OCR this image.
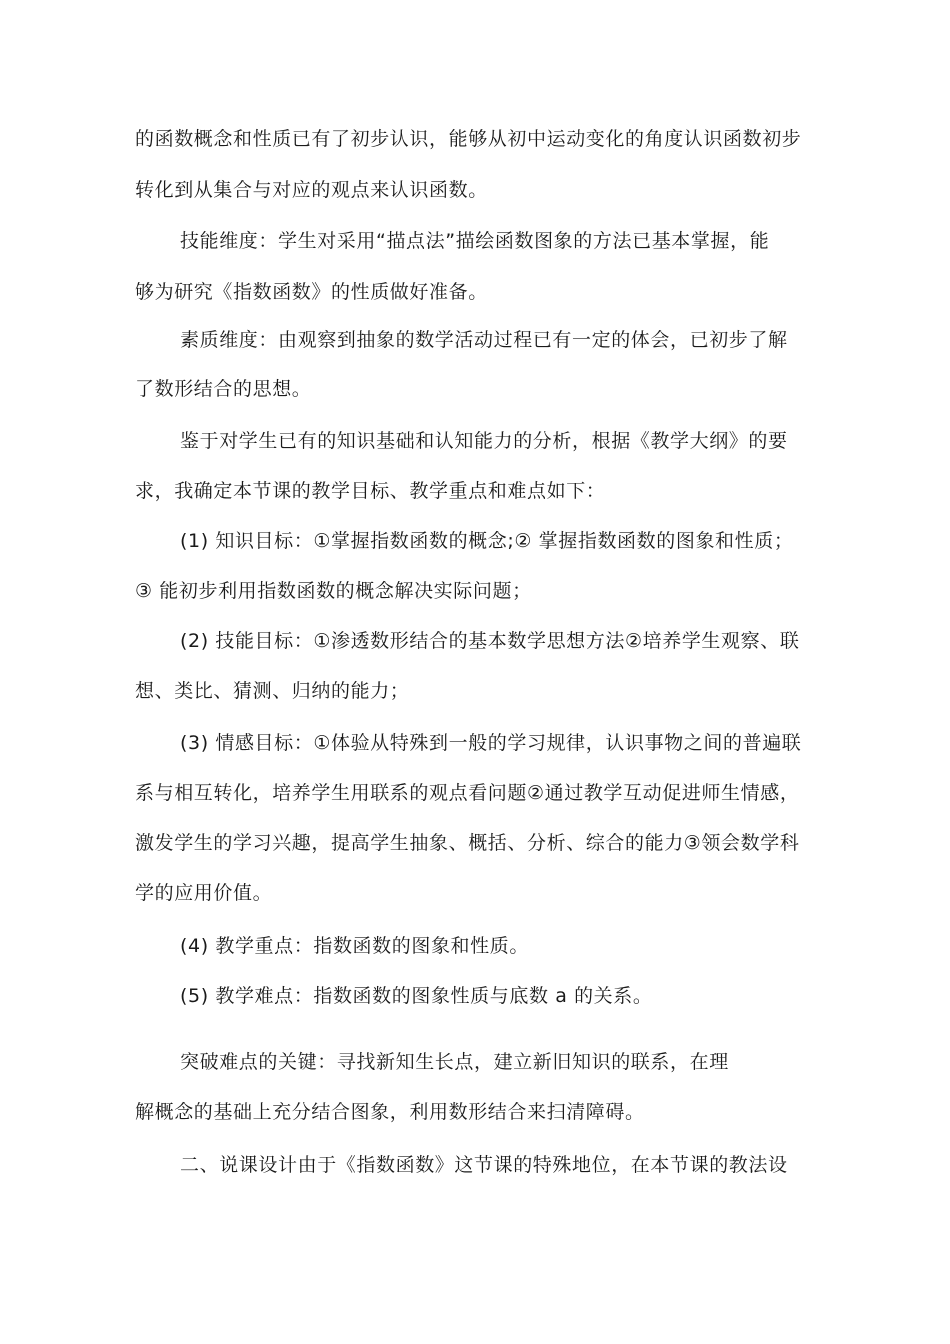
的函数概念和性质已有了初步认识，能够从初中运动变化的角度认识函数初步
转化到从集合与对应的观点来认识函数。
技能维度：学生对采用“描点法”描绘函数图象的方法已基本掌握，能
够为研究《指数函数》的性质做好准备。
素质维度：由观察到抽象的数学活动过程已有一定的体会，已初步了解
了数形结合的思想。
鉴于对学生已有的知识基础和认知能力的分析，根据《教学大纲》的要
求，我确定本节课的教学目标、教学重点和难点如下：
(1) 知识目标：①掌握指数函数的概念;② 掌握指数函数的图象和性质；
③ 能初步利用指数函数的概念解决实际问题；
(2) 技能目标：①渗透数形结合的基本数学思想方法②培养学生观察、联
想、类比、猜测、归纳的能力；
(3) 情感目标：①体验从特殊到一般的学习规律，认识事物之间的普遍联
系与相互转化，培养学生用联系的观点看问题②通过教学互动促进师生情感，
激发学生的学习兴趣，提高学生抽象、概括、分析、综合的能力③领会数学科
学的应用价值。
(4) 教学重点：指数函数的图象和性质。
(5) 教学难点：指数函数的图象性质与底数 a 的关系。
突破难点的关键：寻找新知生长点，建立新旧知识的联系，在理
解概念的基础上充分结合图象，利用数形结合来扫清障碍。
二、说课设计由于《指数函数》这节课的特殊地位，在本节课的教法设
